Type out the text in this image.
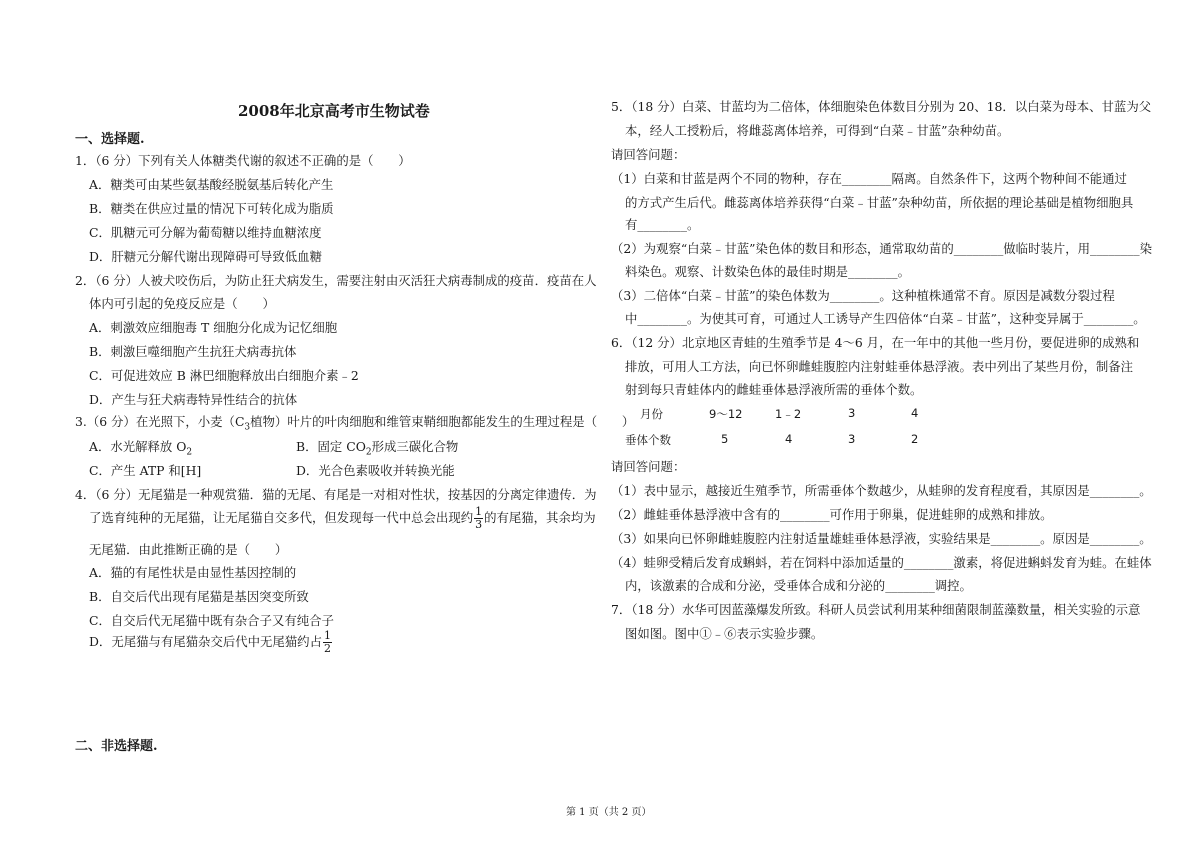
2008年北京高考市生物试卷
一、选择题.
1．（6 分）下列有关人体糖类代谢的叙述不正确的是（　　）
A．糖类可由某些氨基酸经脱氨基后转化产生
B．糖类在供应过量的情况下可转化成为脂质
C．肌糖元可分解为葡萄糖以维持血糖浓度
D．肝糖元分解代谢出现障碍可导致低血糖
2．（6 分）人被犬咬伤后，为防止狂犬病发生，需要注射由灭活狂犬病毒制成的疫苗．疫苗在人
体内可引起的免疫反应是（　　）
A．刺激效应细胞毒 T 细胞分化成为记忆细胞
B．刺激巨噬细胞产生抗狂犬病毒抗体
C．可促进效应 B 淋巴细胞释放出白细胞介素﹣2
D．产生与狂犬病毒特异性结合的抗体
3.（6 分）在光照下，小麦（$C_3$植物）叶片的叶肉细胞和维管束鞘细胞都能发生的生理过程是（　　）
A．水光解释放 $O_2$	B．固定 $CO_2$形成三碳化合物
C．产生 ATP 和[H]	D．光合色素吸收并转换光能
4．（6 分）无尾猫是一种观赏猫．猫的无尾、有尾是一对相对性状，按基因的分离定律遗传．为
了选育纯种的无尾猫，让无尾猫自交多代，但发现每一代中总会出现约 $\frac{1}{3}$ 的有尾猫，其余均为
无尾猫．由此推断正确的是（　　）
A．猫的有尾性状是由显性基因控制的
B．自交后代出现有尾猫是基因突变所致
C．自交后代无尾猫中既有杂合子又有纯合子
D．无尾猫与有尾猫杂交后代中无尾猫约占 $\frac{1}{2}$
二、非选择题.
5．（18 分）白菜、甘蓝均为二倍体，体细胞染色体数目分别为 20、18．以白菜为母本、甘蓝为父
本，经人工授粉后，将雌蕊离体培养，可得到“白菜﹣甘蓝”杂种幼苗。
请回答问题：
（1）白菜和甘蓝是两个不同的物种，存在________隔离。自然条件下，这两个物种间不能通过
的方式产生后代。雌蕊离体培养获得“白菜﹣甘蓝”杂种幼苗，所依据的理论基础是植物细胞具
有________。
（2）为观察“白菜﹣甘蓝”染色体的数目和形态，通常取幼苗的________做临时装片，用________染
料染色。观察、计数染色体的最佳时期是________。
（3）二倍体“白菜﹣甘蓝”的染色体数为________。这种植株通常不育。原因是减数分裂过程
中________。为使其可育，可通过人工诱导产生四倍体“白菜﹣甘蓝”，这种变异属于________。
6．（12 分）北京地区青蛙的生殖季节是 4～6 月，在一年中的其他一些月份，要促进卵的成熟和
排放，可用人工方法，向已怀卵雌蛙腹腔内注射蛙垂体悬浮液。表中列出了某些月份，制备注
射到每只青蛙体内的雌蛙垂体悬浮液所需的垂体个数。
月份	9～12	1﹣2	3	4
垂体个数	5	4	3	2
请回答问题：
（1）表中显示，越接近生殖季节，所需垂体个数越少，从蛙卵的发育程度看，其原因是________。
（2）雌蛙垂体悬浮液中含有的________可作用于卵巢，促进蛙卵的成熟和排放。
（3）如果向已怀卵雌蛙腹腔内注射适量雄蛙垂体悬浮液，实验结果是________。原因是________。
（4）蛙卵受精后发育成蝌蚪，若在饲料中添加适量的________激素，将促进蝌蚪发育为蛙。在蛙体
内，该激素的合成和分泌，受垂体合成和分泌的________调控。
7．（18 分）水华可因蓝藻爆发所致。科研人员尝试利用某种细菌限制蓝藻数量，相关实验的示意
图如图。图中①﹣⑥表示实验步骤。
第 1 页（共 2 页）
